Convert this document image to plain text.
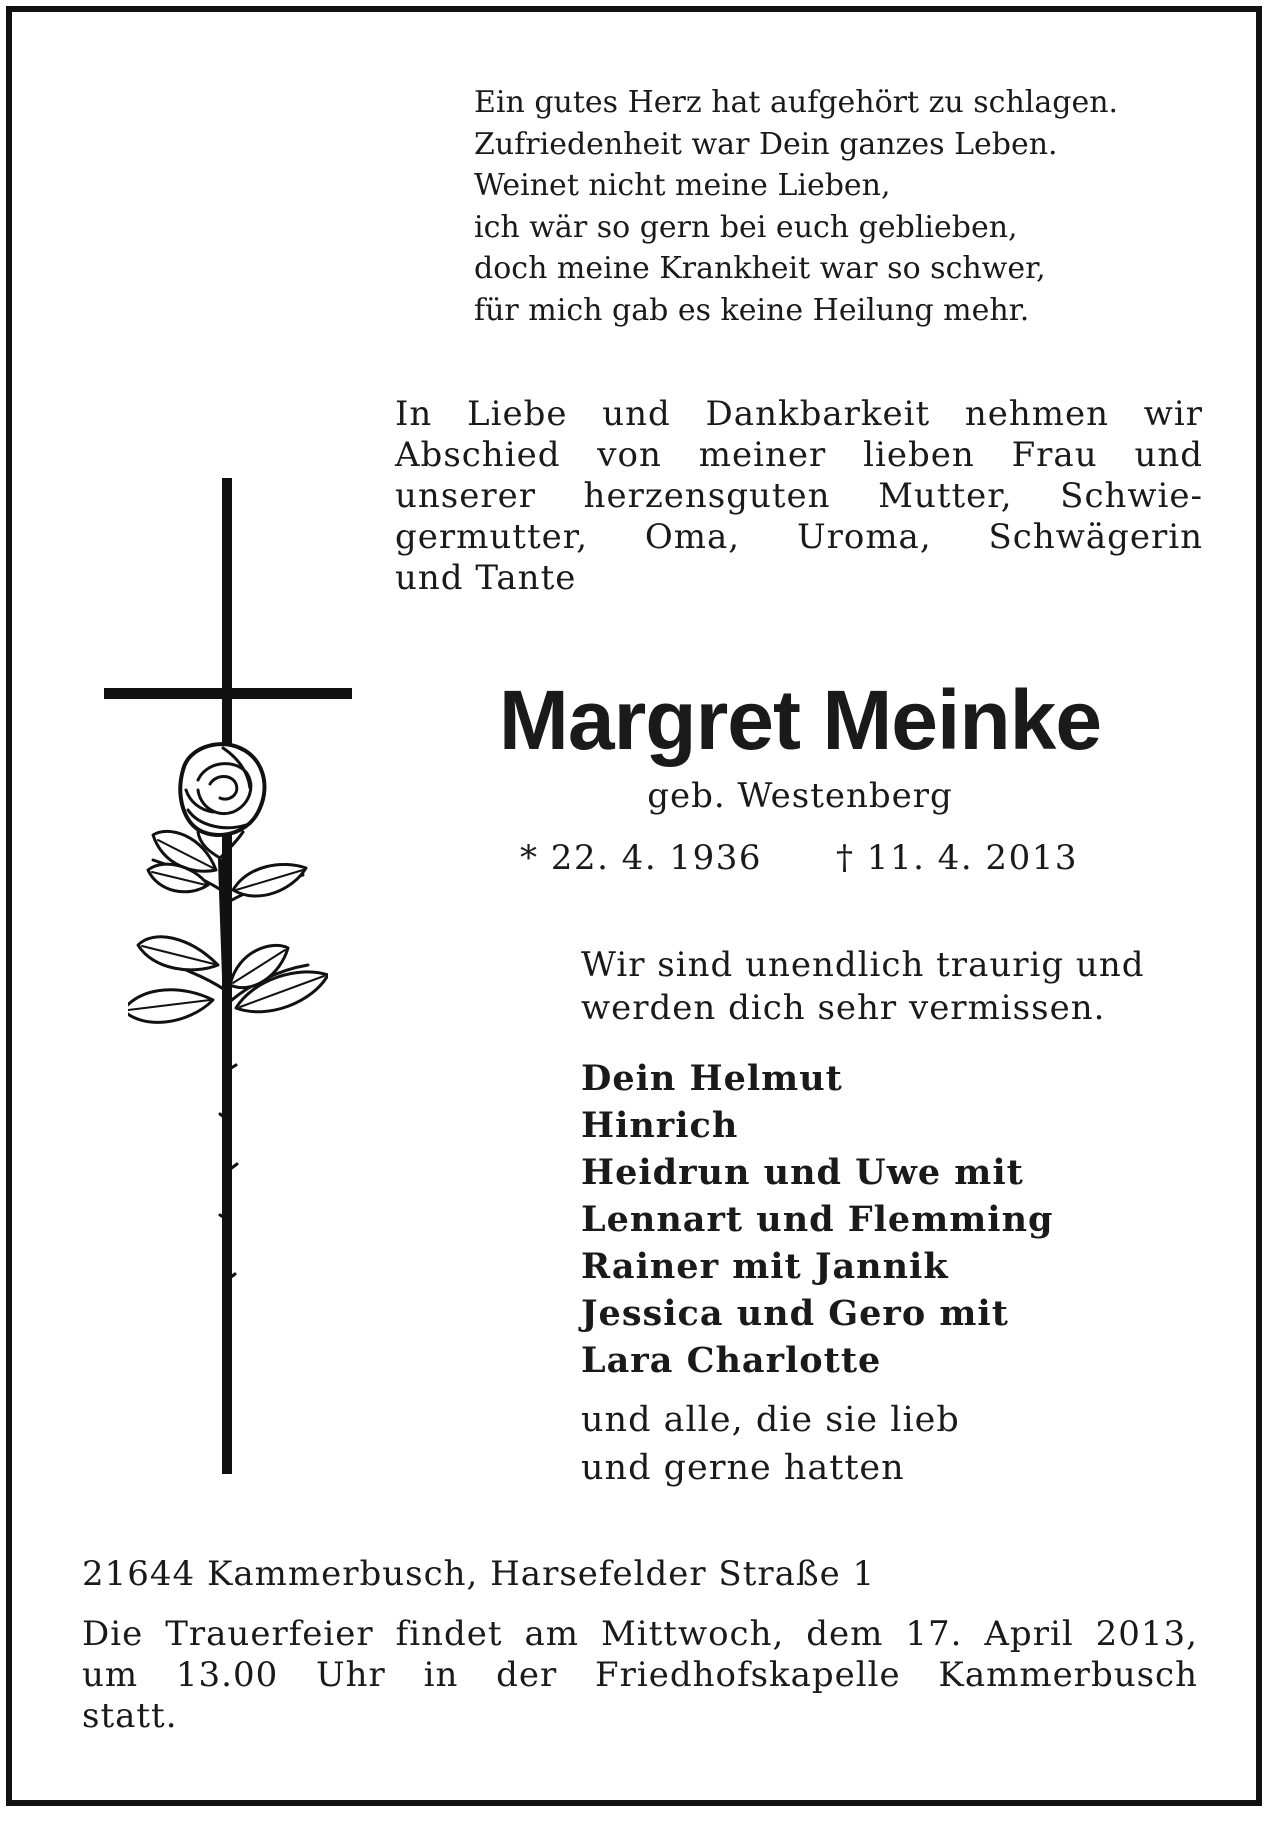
Ein gutes Herz hat aufgehört zu schlagen.
Zufriedenheit war Dein ganzes Leben.
Weinet nicht meine Lieben,
ich wär so gern bei euch geblieben,
doch meine Krankheit war so schwer,
für mich gab es keine Heilung mehr.
In Liebe und Dankbarkeit nehmen wir
Abschied von meiner lieben Frau und
unserer herzensguten Mutter, Schwie-
germutter, Oma, Uroma, Schwägerin
und Tante
Margret Meinke
geb. Westenberg
* 22. 4. 1936 † 11. 4. 2013
Wir sind unendlich traurig und
werden dich sehr vermissen.
Dein Helmut
Hinrich
Heidrun und Uwe mit
Lennart und Flemming
Rainer mit Jannik
Jessica und Gero mit
Lara Charlotte
und alle, die sie lieb
und gerne hatten
21644 Kammerbusch, Harsefelder Straße 1
Die Trauerfeier findet am Mittwoch, dem 17. April 2013,
um 13.00 Uhr in der Friedhofskapelle Kammerbusch
statt.
